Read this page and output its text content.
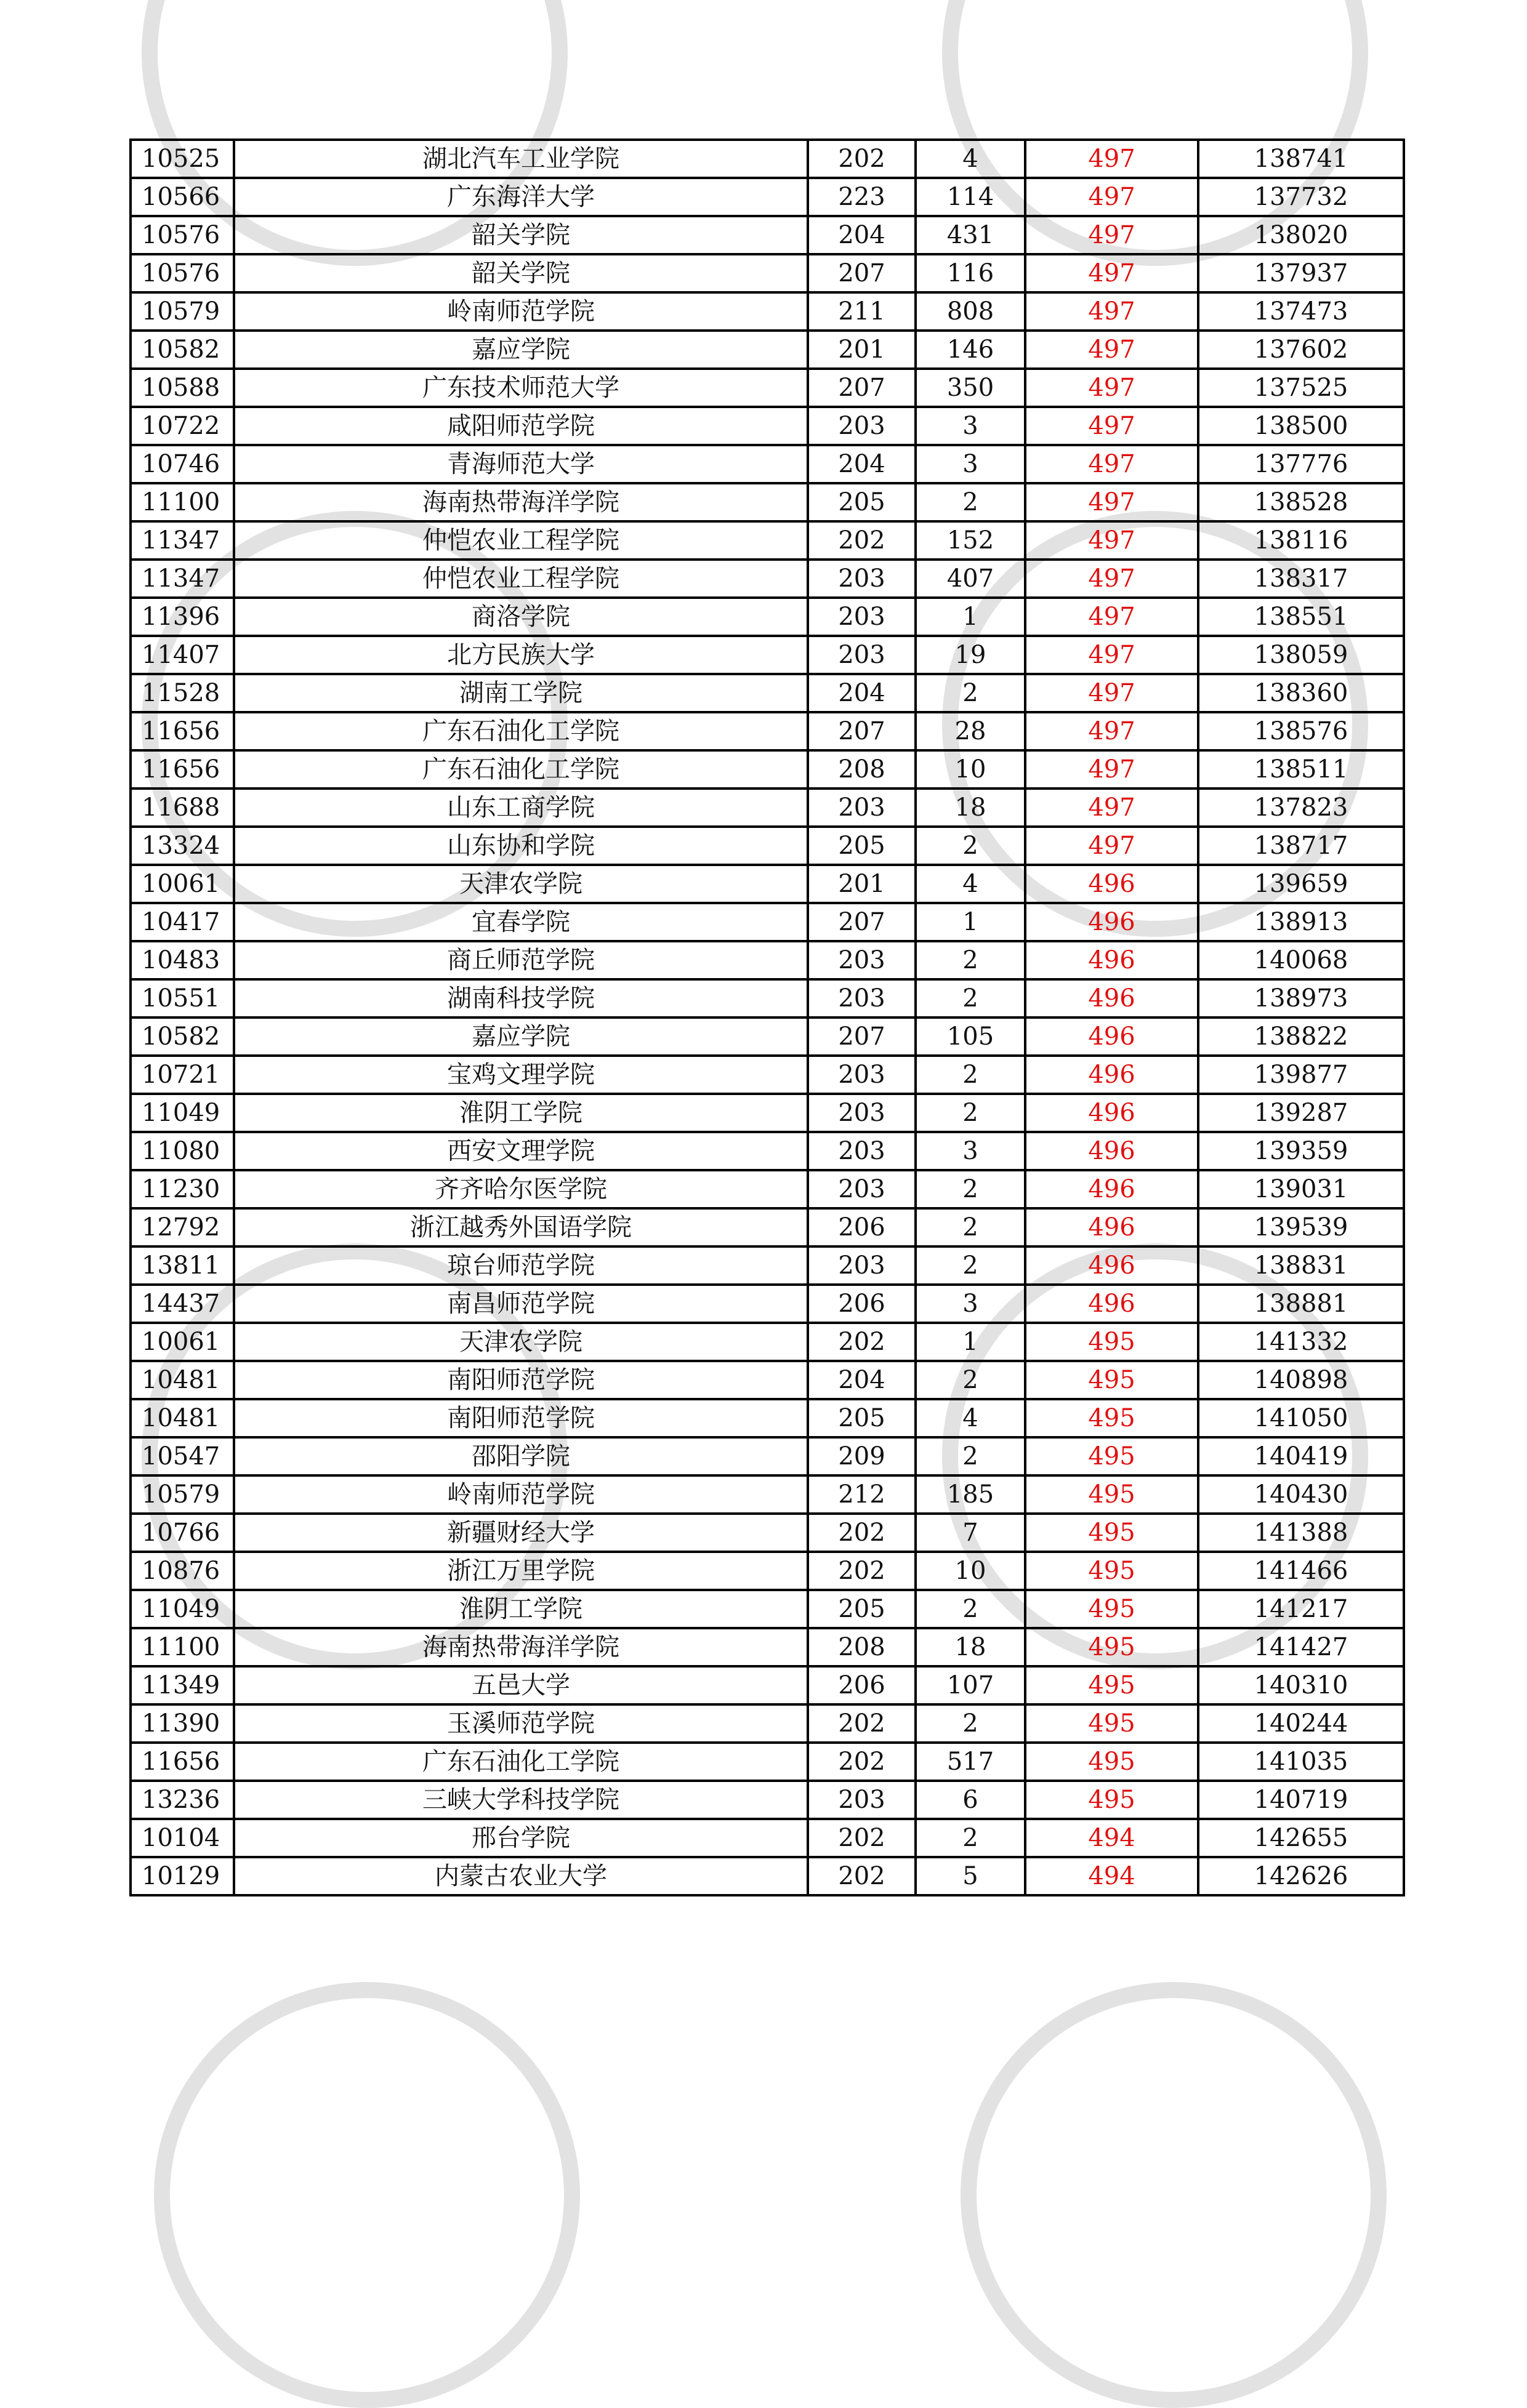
10525	湖北汽车工业学院	202	4	497	138741
10566	广东海洋大学	223	114	497	137732
10576	韶关学院	204	431	497	138020
10576	韶关学院	207	116	497	137937
10579	岭南师范学院	211	808	497	137473
10582	嘉应学院	201	146	497	137602
10588	广东技术师范大学	207	350	497	137525
10722	咸阳师范学院	203	3	497	138500
10746	青海师范大学	204	3	497	137776
11100	海南热带海洋学院	205	2	497	138528
11347	仲恺农业工程学院	202	152	497	138116
11347	仲恺农业工程学院	203	407	497	138317
11396	商洛学院	203	1	497	138551
11407	北方民族大学	203	19	497	138059
11528	湖南工学院	204	2	497	138360
11656	广东石油化工学院	207	28	497	138576
11656	广东石油化工学院	208	10	497	138511
11688	山东工商学院	203	18	497	137823
13324	山东协和学院	205	2	497	138717
10061	天津农学院	201	4	496	139659
10417	宜春学院	207	1	496	138913
10483	商丘师范学院	203	2	496	140068
10551	湖南科技学院	203	2	496	138973
10582	嘉应学院	207	105	496	138822
10721	宝鸡文理学院	203	2	496	139877
11049	淮阴工学院	203	2	496	139287
11080	西安文理学院	203	3	496	139359
11230	齐齐哈尔医学院	203	2	496	139031
12792	浙江越秀外国语学院	206	2	496	139539
13811	琼台师范学院	203	2	496	138831
14437	南昌师范学院	206	3	496	138881
10061	天津农学院	202	1	495	141332
10481	南阳师范学院	204	2	495	140898
10481	南阳师范学院	205	4	495	141050
10547	邵阳学院	209	2	495	140419
10579	岭南师范学院	212	185	495	140430
10766	新疆财经大学	202	7	495	141388
10876	浙江万里学院	202	10	495	141466
11049	淮阴工学院	205	2	495	141217
11100	海南热带海洋学院	208	18	495	141427
11349	五邑大学	206	107	495	140310
11390	玉溪师范学院	202	2	495	140244
11656	广东石油化工学院	202	517	495	141035
13236	三峡大学科技学院	203	6	495	140719
10104	邢台学院	202	2	494	142655
10129	内蒙古农业大学	202	5	494	142626
